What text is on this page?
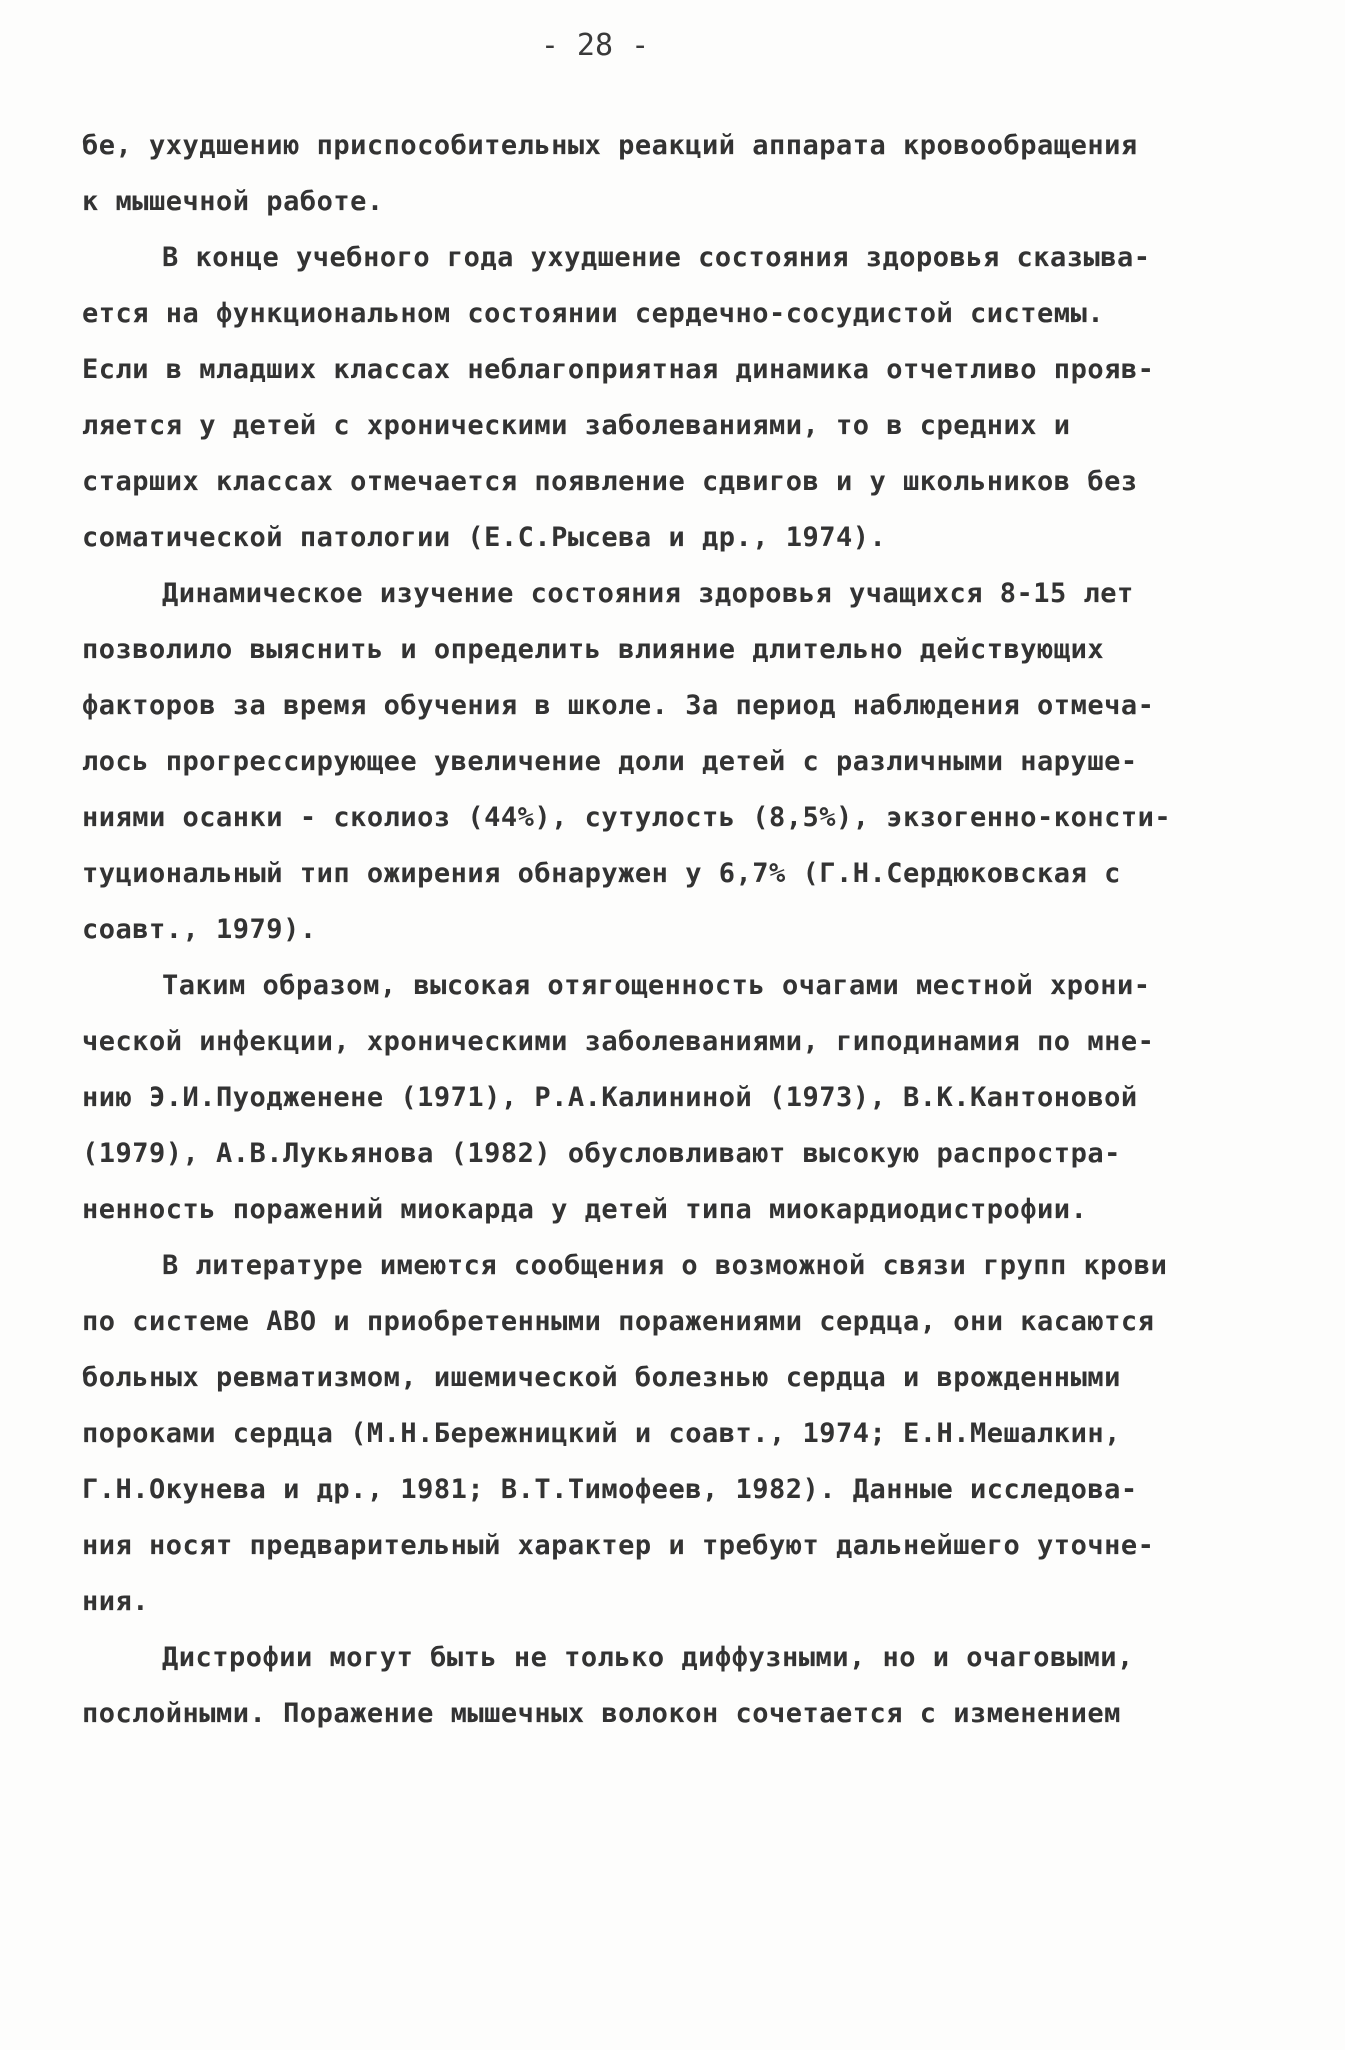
- 28 -
бе, ухудшению приспособительных реакций аппарата кровообращения
к мышечной работе.
В конце учебного года ухудшение состояния здоровья сказыва-
ется на функциональном состоянии сердечно-сосудистой системы.
Если в младших классах неблагоприятная динамика отчетливо прояв-
ляется у детей с хроническими заболеваниями, то в средних и
старших классах отмечается появление сдвигов и у школьников без
соматической патологии (Е.С.Рысева и др., 1974).
Динамическое изучение состояния здоровья учащихся 8-15 лет
позволило выяснить и определить влияние длительно действующих
факторов за время обучения в школе. За период наблюдения отмеча-
лось прогрессирующее увеличение доли детей с различными наруше-
ниями осанки - сколиоз (44%), сутулость (8,5%), экзогенно-консти-
туциональный тип ожирения обнаружен у 6,7% (Г.Н.Сердюковская с
соавт., 1979).
Таким образом, высокая отягощенность очагами местной хрони-
ческой инфекции, хроническими заболеваниями, гиподинамия по мне-
нию Э.И.Пуодженене (1971), Р.А.Калининой (1973), В.К.Кантоновой
(1979), А.В.Лукьянова (1982) обусловливают высокую распростра-
ненность поражений миокарда у детей типа миокардиодистрофии.
В литературе имеются сообщения о возможной связи групп крови
по системе АВО и приобретенными поражениями сердца, они касаются
больных ревматизмом, ишемической болезнью сердца и врожденными
пороками сердца (М.Н.Бережницкий и соавт., 1974; Е.Н.Мешалкин,
Г.Н.Окунева и др., 1981; В.Т.Тимофеев, 1982). Данные исследова-
ния носят предварительный характер и требуют дальнейшего уточне-
ния.
Дистрофии могут быть не только диффузными, но и очаговыми,
послойными. Поражение мышечных волокон сочетается с изменением
